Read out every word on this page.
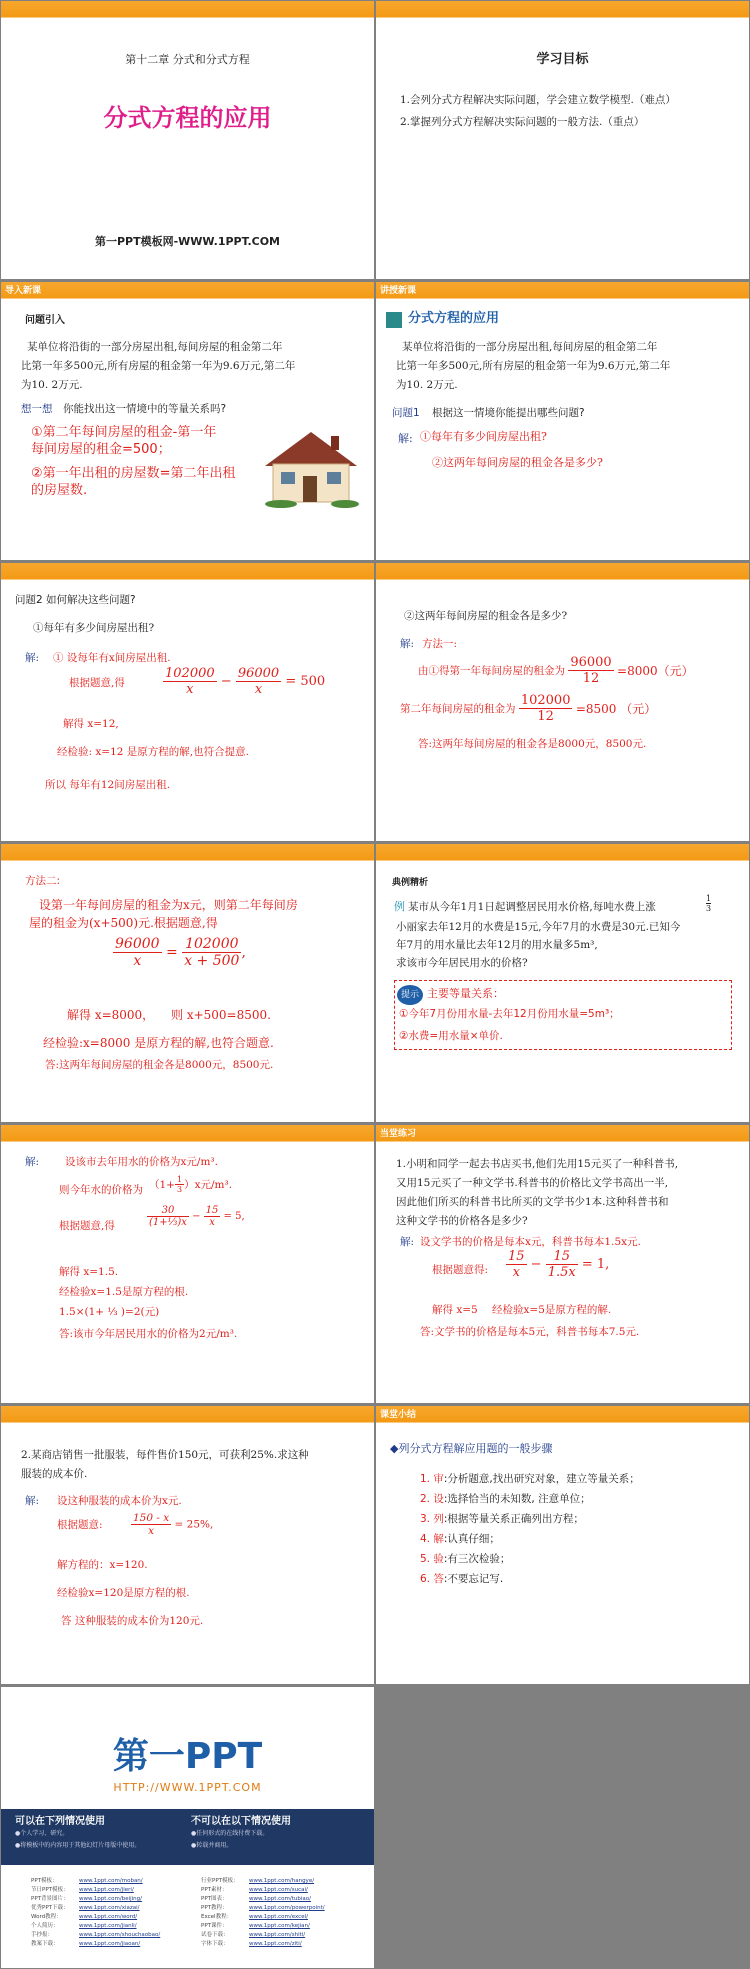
第十二章 分式和分式方程
分式方程的应用
第一PPT模板网-WWW.1PPT.COM
学习目标
1.会列分式方程解决实际问题，学会建立数学模型.（难点）
2.掌握列分式方程解决实际问题的一般方法.（重点）
导入新课
问题引入
某单位将沿街的一部分房屋出租,每间房屋的租金第二年
比第一年多500元,所有房屋的租金第一年为9.6万元,第二年
为10. 2万元.
想一想 你能找出这一情境中的等量关系吗?
①第二年每间房屋的租金-第一年
每间房屋的租金=500；
②第一年出租的房屋数=第二年出租
的房屋数.
讲授新课
分式方程的应用
某单位将沿街的一部分房屋出租,每间房屋的租金第二年
比第一年多500元,所有房屋的租金第一年为9.6万元,第二年
为10. 2万元.
问题1 根据这一情境你能提出哪些问题?
解: ①每年有多少间房屋出租?
②这两年每间房屋的租金各是多少?
问题2 如何解决这些问题?
①每年有多少间房屋出租?
解: ① 设每年有x间房屋出租.
根据题意,得	$\frac{102000}{x} - \frac{96000}{x} = 500$
解得 x=12,
经检验: x=12 是原方程的解,也符合提意.
所以 每年有12间房屋出租.
②这两年每间房屋的租金各是多少?
解: 方法一:
由①得第一年每间房屋的租金为 $\frac{96000}{12} =8000$（元）
第二年每间房屋的租金为 $\frac{102000}{12} =8500$ （元）
答:这两年每间房屋的租金各是8000元，8500元.
方法二:
设第一年每间房屋的租金为x元，则第二年每间房
屋的租金为(x+500)元.根据题意,得
$\frac{96000}{x} = \frac{102000}{x + 500}$ ,
解得 x=8000， 则 x+500=8500.
经检验:x=8000 是原方程的解,也符合题意.
答:这两年每间房屋的租金各是8000元，8500元.
典例精析
例 某市从今年1月1日起调整居民用水价格,每吨水费上涨	$\frac{1}{3}$
小丽家去年12月的水费是15元,今年7月的水费是30元.已知今
年7月的用水量比去年12月的用水量多5m³,
求该市今年居民用水的价格?
提示 主要等量关系：
①今年7月份用水量-去年12月份用水量=5m³；
②水费=用水量×单价.
解: 设该市去年用水的价格为x元/m³.
则今年水的价格为 $(1+ \frac{1}{3} )x$元/m³.
根据题意,得	$\frac{30}{\text{(1+⅓)x}} - \frac{15}{x} = 5$,
解得 x=1.5.
经检验x=1.5是原方程的根.
1.5×(1+ ⅓ )=2(元)
答:该市今年居民用水的价格为2元/m³.
当堂练习
1.小明和同学一起去书店买书,他们先用15元买了一种科普书,
又用15元买了一种文学书.科普书的价格比文学书高出一半,
因此他们所买的科普书比所买的文学书少1本.这种科普书和
这种文学书的价格各是多少?
解: 设文学书的价格是每本x元，科普书每本1.5x元.
根据题意得: $\frac{15}{x} - \frac{15}{1.5x} = 1$,
解得 x=5 经检验x=5是原方程的解.
答:文学书的价格是每本5元，科普书每本7.5元.
2.某商店销售一批服装，每件售价150元，可获利25%.求这种
服装的成本价.
解: 设这种服装的成本价为x元.
根据题意:	$\frac{150 - x}{x} = 25\%$,
解方程的：x=120.
经检验x=120是原方程的根.
答 这种服装的成本价为120元.
课堂小结
◆列分式方程解应用题的一般步骤
1. 审:分析题意,找出研究对象，建立等量关系；
2. 设:选择恰当的未知数, 注意单位；
3. 列:根据等量关系正确列出方程；
4. 解:认真仔细；
5. 验:有三次检验；
6. 答:不要忘记写.
第一PPT
HTTP://WWW.1PPT.COM
可以在下列情况使用
●个人学习、研究。
●将模板中的内容用于其他幻灯片母版中使用。
不可以在以下情况使用
●任何形式的在线付费下载。
●转载并商用。
PPT模板：	www.1ppt.com/moban/
节日PPT模板： www.1ppt.com/jieri/
PPT背景图片： www.1ppt.com/beijing/
优秀PPT下载： www.1ppt.com/xiazai/
Word教程：	www.1ppt.com/word/
个人简历：	www.1ppt.com/jianli/
手抄报：	www.1ppt.com/shouchaobao/
教案下载：	www.1ppt.com/jiaoan/
行业PPT模板： www.1ppt.com/hangye/
PPT素材：	www.1ppt.com/sucai/
PPT图表：	www.1ppt.com/tubiao/
PPT教程：	www.1ppt.com/powerpoint/
Excel教程：	www.1ppt.com/excel/
PPT课件：	www.1ppt.com/kejian/
试卷下载：	www.1ppt.com/shiti/
字体下载：	www.1ppt.com/ziti/
